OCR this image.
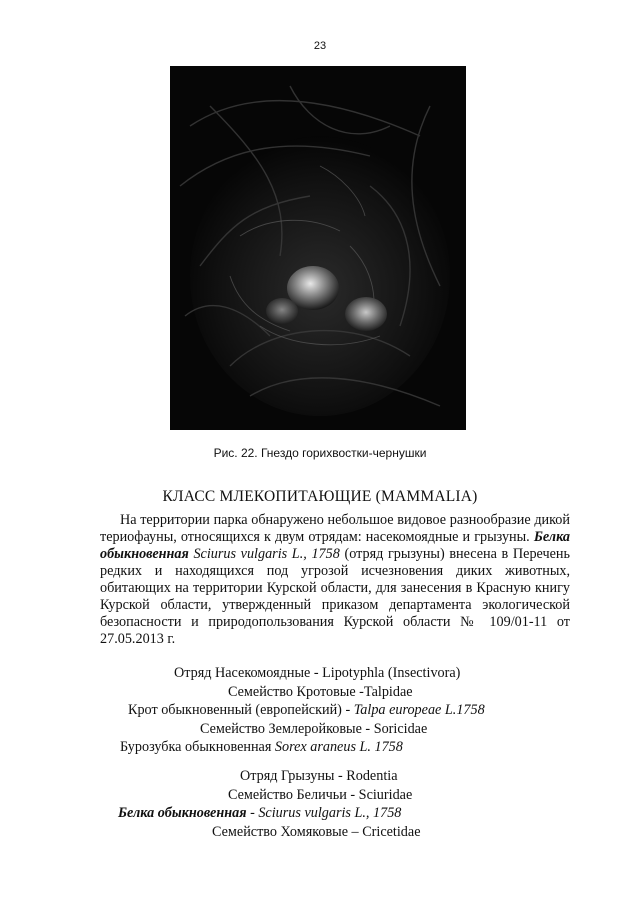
23
Рис. 22. Гнездо горихвостки-чернушки
КЛАСС МЛЕКОПИТАЮЩИЕ (MAMMALIA)

На территории парка обнаружено небольшое видовое разнообразие дикой териофауны, относящихся к двум отрядам: насекомоядные и грызуны. Белка обыкновенная Sciurus vulgaris L., 1758 (отряд грызуны) внесена в Перечень редких и находящихся под угрозой исчезновения диких животных, обитающих на территории Курской области, для занесения в Красную книгу Курской области, утвержденный приказом департамента экологической безопасности и природопользования Курской области № 109/01-11 от 27.05.2013 г.

Отряд Насекомоядные - Lipotyphla (Insectivora)
Семейство Кротовые -Talpidae
Крот обыкновенный (европейский) - Talpa europeae L.1758
Семейство Землеройковые - Soricidae
Бурозубка обыкновенная Sorex araneus L. 1758
Отряд Грызуны - Rodentia
Семейство Беличьи - Sciuridae
Белка обыкновенная - Sciurus vulgaris L., 1758
Семейство Хомяковые – Cricetidae
